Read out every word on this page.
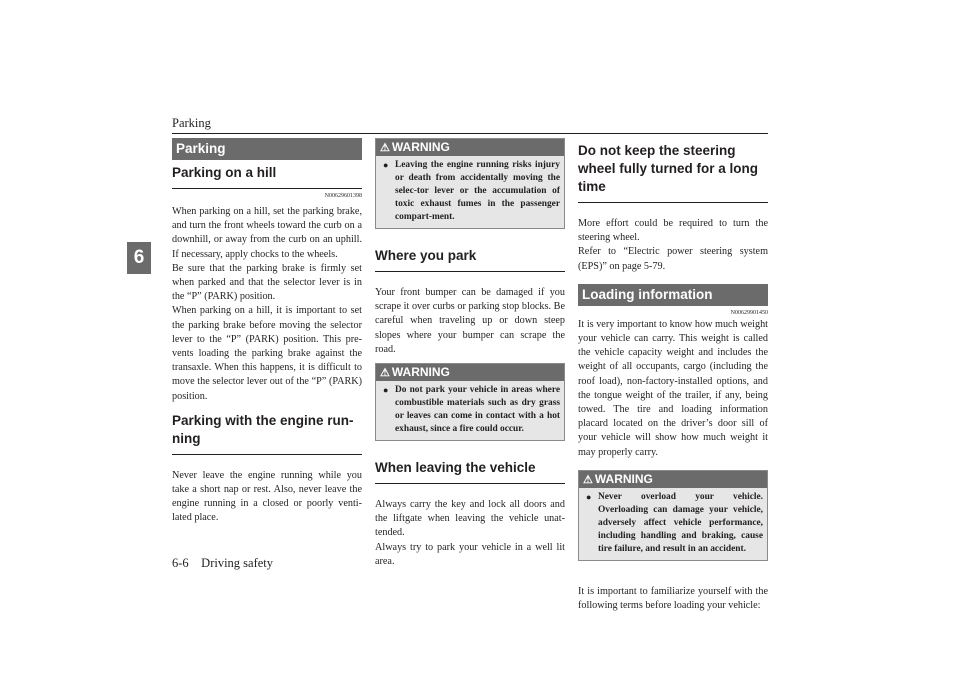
Parking
6
6-6 Driving safety
Parking
Parking on a hill
N00629601398

When parking on a hill, set the parking brake, and turn the front wheels toward the curb on a downhill, or away from the curb on an uphill. If necessary, apply chocks to the wheels.

Be sure that the parking brake is firmly set when parked and that the selector lever is in the “P” (PARK) position.

When parking on a hill, it is important to set the parking brake before moving the selector lever to the “P” (PARK) position. This pre-vents loading the parking brake against the transaxle. When this happens, it is difficult to move the selector lever out of the “P” (PARK) position.

Parking with the engine run-ning

Never leave the engine running while you take a short nap or rest. Also, never leave the engine running in a closed or poorly venti-lated place.

⚠ WARNING
● Leaving the engine running risks injury or death from accidentally moving the selec-tor lever or the accumulation of toxic exhaust fumes in the passenger compart-ment.
Where you park

Your front bumper can be damaged if you scrape it over curbs or parking stop blocks. Be careful when traveling up or down steep slopes where your bumper can scrape the road.

⚠ WARNING
● Do not park your vehicle in areas where combustible materials such as dry grass or leaves can come in contact with a hot exhaust, since a fire could occur.
When leaving the vehicle

Always carry the key and lock all doors and the liftgate when leaving the vehicle unat-tended.

Always try to park your vehicle in a well lit area.

Do not keep the steering wheel fully turned for a long time

More effort could be required to turn the steering wheel.

Refer to “Electric power steering system (EPS)” on page 5-79.

Loading information
N00629901450

It is very important to know how much weight your vehicle can carry. This weight is called the vehicle capacity weight and includes the weight of all occupants, cargo (including the roof load), non-factory-installed options, and the tongue weight of the trailer, if any, being towed. The tire and loading information placard located on the driver’s door sill of your vehicle will show how much weight it may properly carry.

⚠ WARNING
● Never overload your vehicle. Overloading can damage your vehicle, adversely affect vehicle performance, including handling and braking, cause tire failure, and result in an accident.

It is important to familiarize yourself with the following terms before loading your vehicle:
